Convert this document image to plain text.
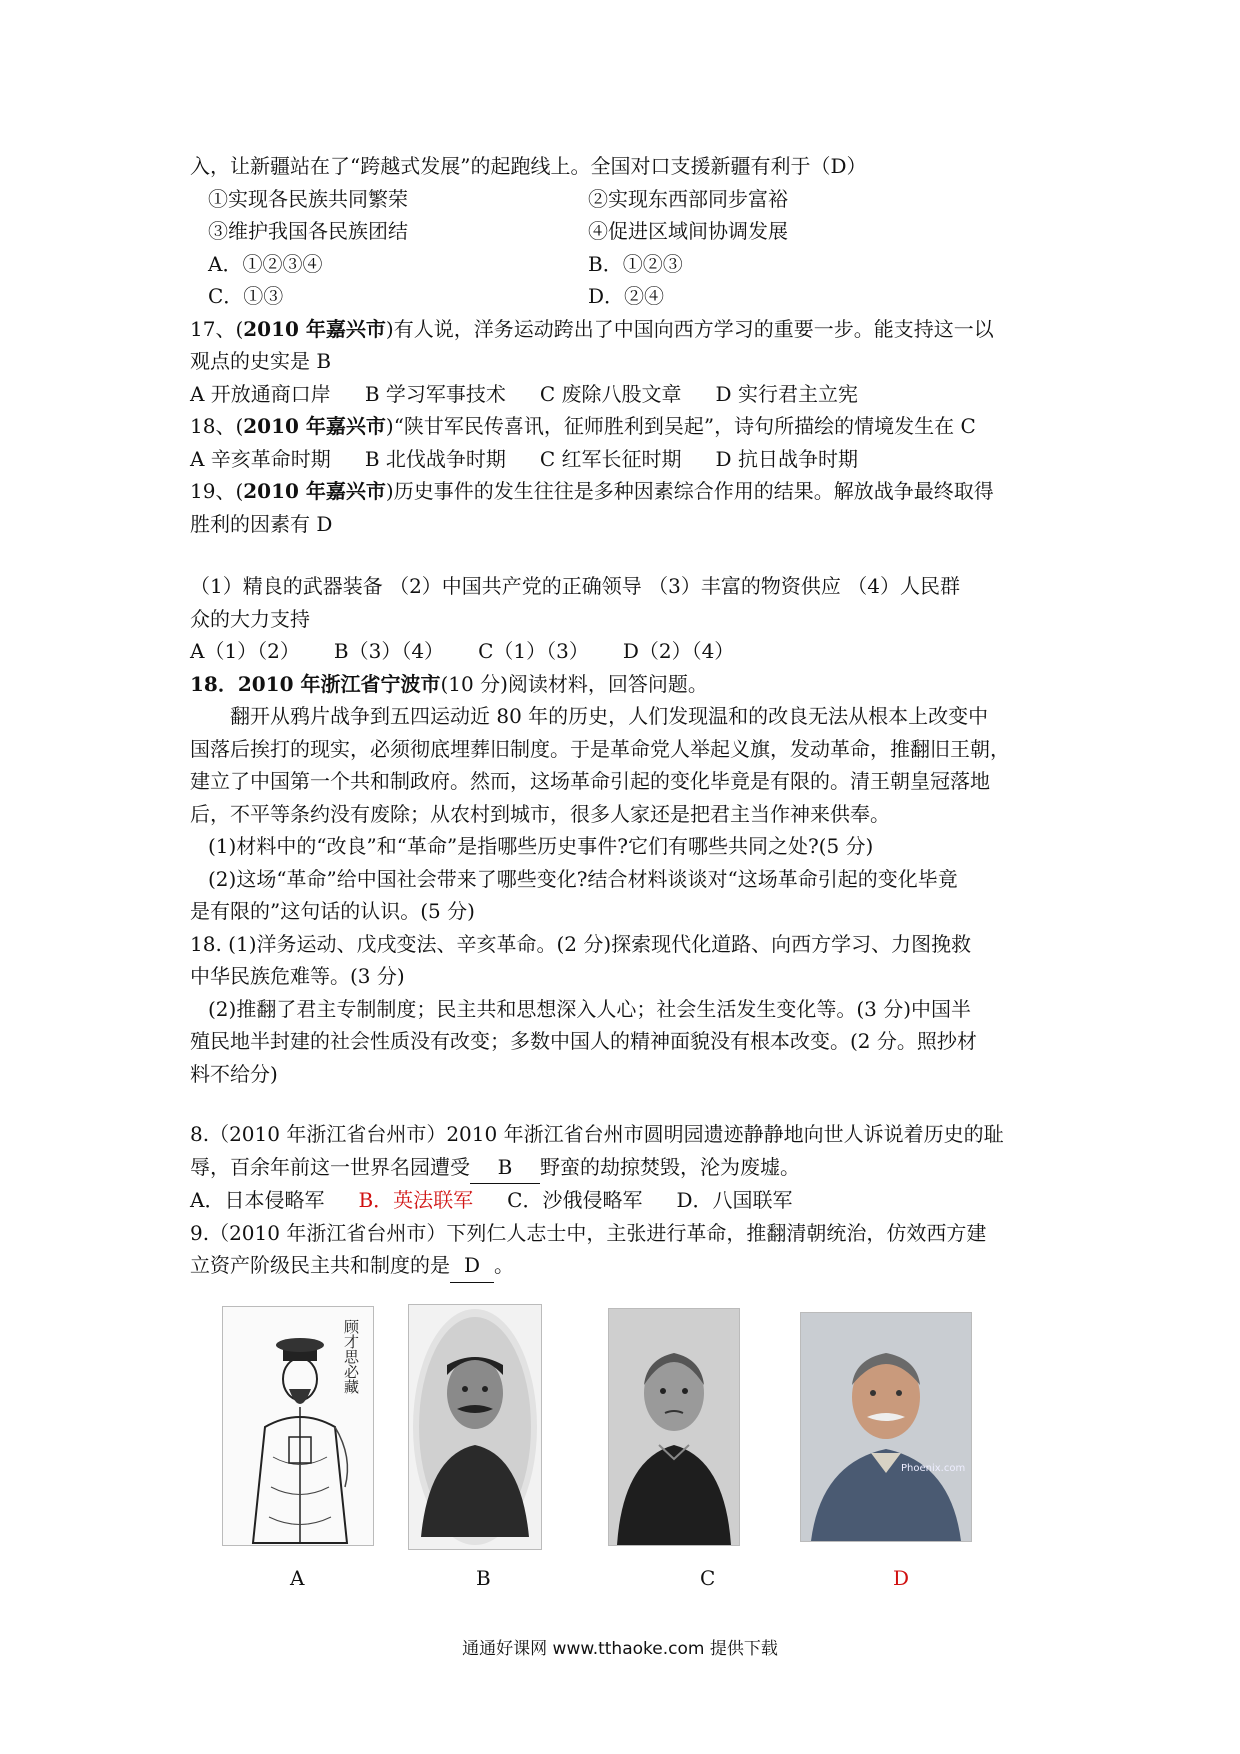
入，让新疆站在了“跨越式发展”的起跑线上。全国对口支援新疆有利于（D）
①实现各民族共同繁荣	②实现东西部同步富裕
③维护我国各民族团结	④促进区域间协调发展
A．①②③④	B．①②③
C．①③	D．②④
17、(2010 年嘉兴市)有人说，洋务运动跨出了中国向西方学习的重要一步。能支持这一以
观点的史实是 B
A 开放通商口岸 B 学习军事技术 C 废除八股文章 D 实行君主立宪
18、(2010 年嘉兴市)“陕甘军民传喜讯，征师胜利到吴起”，诗句所描绘的情境发生在 C
A 辛亥革命时期 B 北伐战争时期 C 红军长征时期 D 抗日战争时期
19、(2010 年嘉兴市)历史事件的发生往往是多种因素综合作用的结果。解放战争最终取得
胜利的因素有 D
（1）精良的武器装备 （2）中国共产党的正确领导 （3）丰富的物资供应 （4）人民群
众的大力支持
A（1）（2） B（3）（4） C（1）（3） D（2）（4）
18．2010 年浙江省宁波市(10 分)阅读材料，回答问题。
翻开从鸦片战争到五四运动近 80 年的历史，人们发现温和的改良无法从根本上改变中
国落后挨打的现实，必须彻底埋葬旧制度。于是革命党人举起义旗，发动革命，推翻旧王朝，
建立了中国第一个共和制政府。然而，这场革命引起的变化毕竟是有限的。清王朝皇冠落地
后，不平等条约没有废除；从农村到城市，很多人家还是把君主当作神来供奉。
(1)材料中的“改良”和“革命”是指哪些历史事件?它们有哪些共同之处?(5 分)
(2)这场“革命”给中国社会带来了哪些变化?结合材料谈谈对“这场革命引起的变化毕竟
是有限的”这句话的认识。(5 分)
18. (1)洋务运动、戊戌变法、辛亥革命。(2 分)探索现代化道路、向西方学习、力图挽救
中华民族危难等。(3 分)
(2)推翻了君主专制制度；民主共和思想深入人心；社会生活发生变化等。(3 分)中国半
殖民地半封建的社会性质没有改变；多数中国人的精神面貌没有根本改变。(2 分。照抄材
料不给分)
8.（2010 年浙江省台州市）2010 年浙江省台州市圆明园遗迹静静地向世人诉说着历史的耻
辱，百余年前这一世界名园遭受 B 野蛮的劫掠焚毁，沦为废墟。
A．日本侵略军 B．英法联军 C．沙俄侵略军 D．八国联军
9.（2010 年浙江省台州市）下列仁人志士中，主张进行革命，推翻清朝统治，仿效西方建
立资产阶级民主共和制度的是 D 。
顾才思必藏
Phoenix.com
A	B	C	D
通通好课网 www.tthaoke.com 提供下载
